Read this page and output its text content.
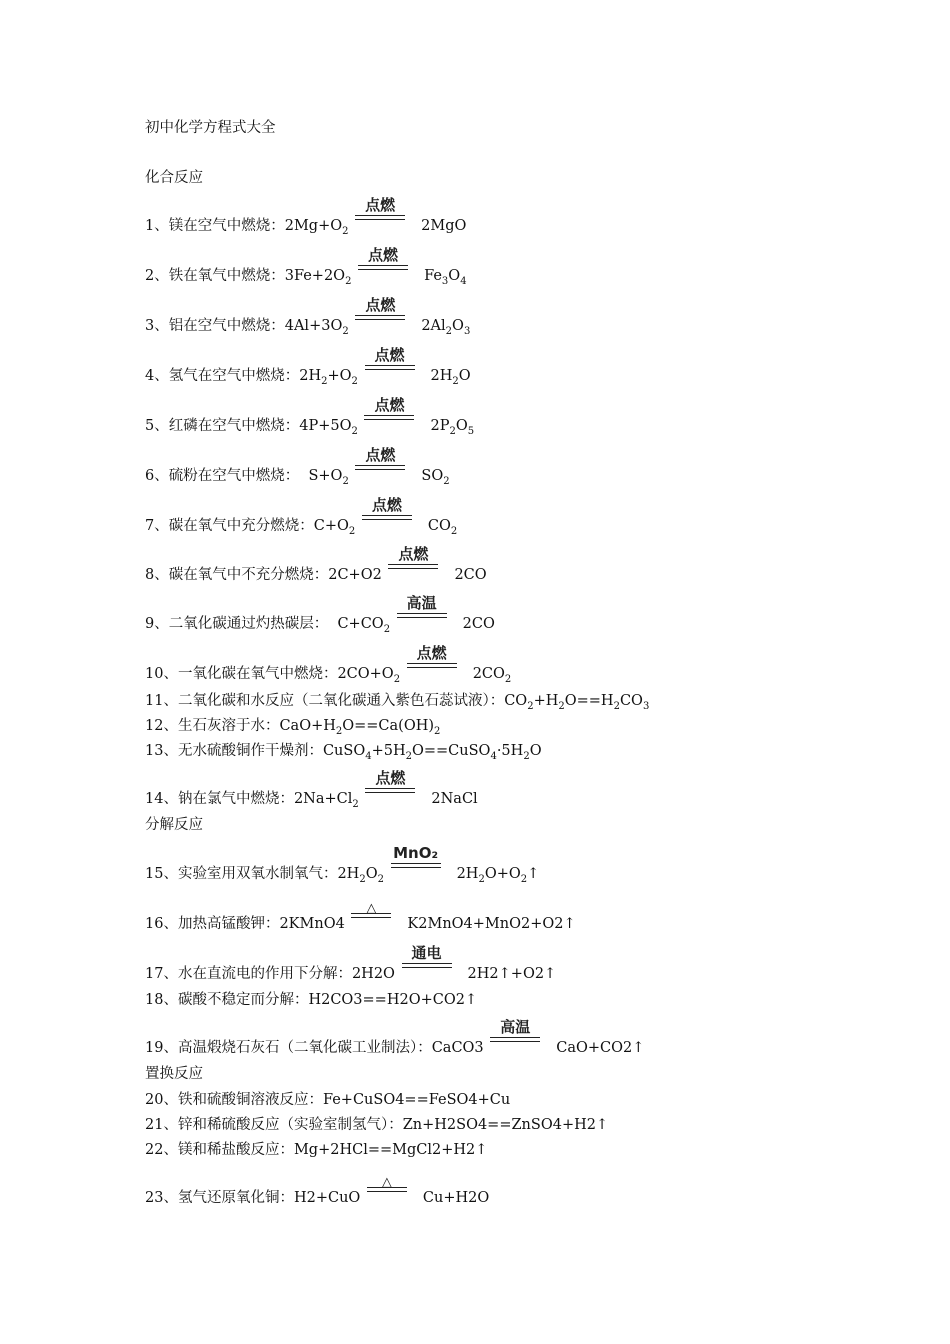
初中化学方程式大全
化合反应
1、镁在空气中燃烧：$2Mg+O_2$
点燃
2MgO
2、铁在氧气中燃烧：$3Fe+2O_2$
点燃
$Fe_3O_4$
3、铝在空气中燃烧：$4Al+3O_2$
点燃
$2Al_2O_3$
4、氢气在空气中燃烧：$2H_2+O_2$
点燃
$2H_2O$
5、红磷在空气中燃烧：$4P+5O_2$
点燃
$2P_2O_5$
6、硫粉在空气中燃烧： $S+O_2$
点燃
$SO_2$
7、碳在氧气中充分燃烧：$C+O_2$
点燃
$CO_2$
8、碳在氧气中不充分燃烧：2C+O2
点燃
2CO
9、二氧化碳通过灼热碳层： $C+CO_2$
高温
2CO
10、一氧化碳在氧气中燃烧：$2CO+O_2$
点燃
$2CO_2$
11、二氧化碳和水反应（二氧化碳通入紫色石蕊试液）：$CO_2+H_2O==H_2CO_3$
12、生石灰溶于水：$CaO+H_2O==Ca(OH)_2$
13、无水硫酸铜作干燥剂：$CuSO_4+5H_2O==CuSO_4\cdot 5H_2O$
14、钠在氯气中燃烧：$2Na+Cl_2$
点燃
2NaCl
分解反应
15、实验室用双氧水制氧气：$2H_2O_2$
MnO₂
$2H_2O+O_2↑$
16、加热高锰酸钾：2KMnO4
△
K2MnO4+MnO2+O2↑
17、水在直流电的作用下分解：2H2O
通电
2H2↑+O2↑
18、碳酸不稳定而分解：H2CO3==H2O+CO2↑
19、高温煅烧石灰石（二氧化碳工业制法）：CaCO3
高温
CaO+CO2↑
置换反应
20、铁和硫酸铜溶液反应：Fe+CuSO4==FeSO4+Cu
21、锌和稀硫酸反应（实验室制氢气）：Zn+H2SO4==ZnSO4+H2↑
22、镁和稀盐酸反应：Mg+2HCl==MgCl2+H2↑
23、氢气还原氧化铜：H2+CuO
△
Cu+H2O
